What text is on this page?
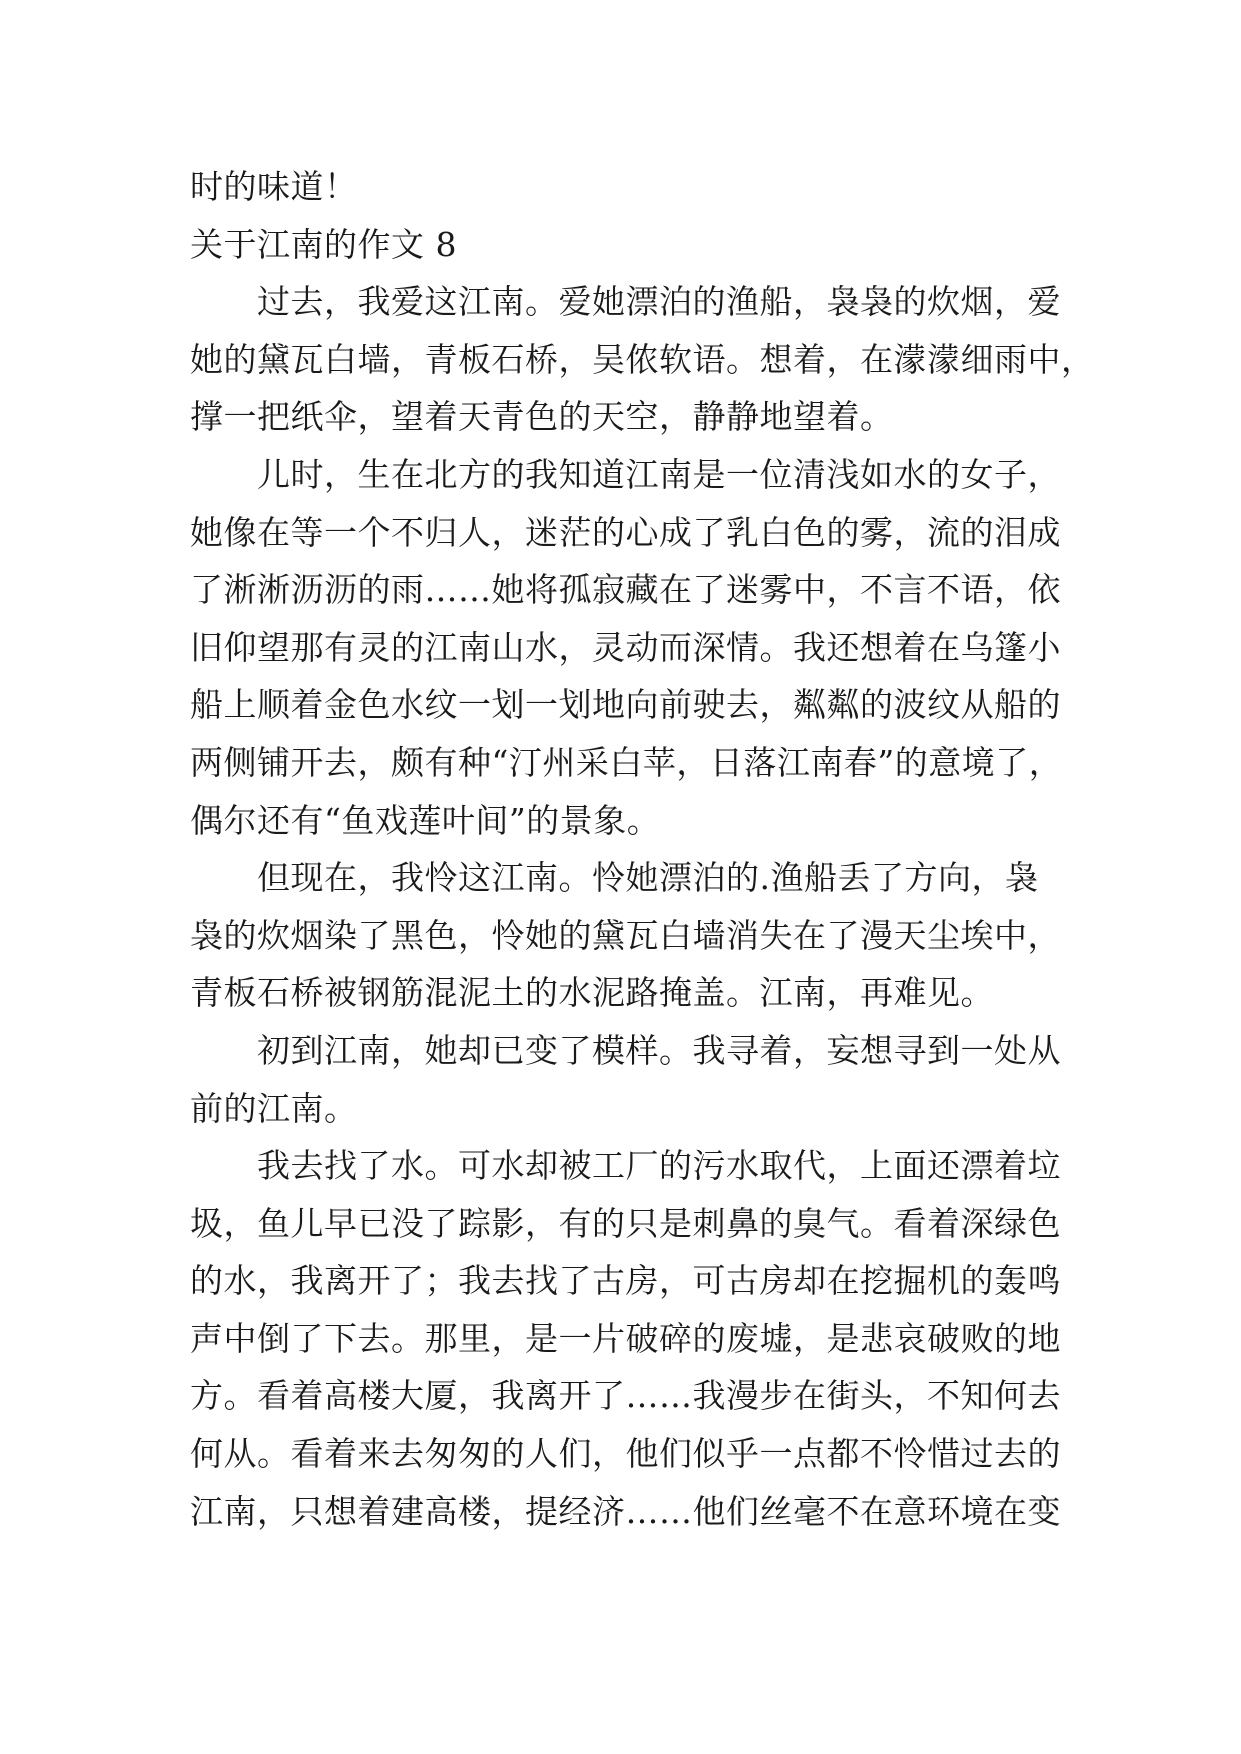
时的味道！
关于江南的作文 8
　　过去，我爱这江南。爱她漂泊的渔船，袅袅的炊烟，爱
她的黛瓦白墙，青板石桥，吴侬软语。想着，在濛濛细雨中，
撑一把纸伞，望着天青色的天空，静静地望着。
　　儿时，生在北方的我知道江南是一位清浅如水的女子，
她像在等一个不归人，迷茫的心成了乳白色的雾，流的泪成
了淅淅沥沥的雨……她将孤寂藏在了迷雾中，不言不语，依
旧仰望那有灵的江南山水，灵动而深情。我还想着在乌篷小
船上顺着金色水纹一划一划地向前驶去，粼粼的波纹从船的
两侧铺开去，颇有种“汀州采白苹，日落江南春”的意境了，
偶尔还有“鱼戏莲叶间”的景象。
　　但现在，我怜这江南。怜她漂泊的.渔船丢了方向，袅
袅的炊烟染了黑色，怜她的黛瓦白墙消失在了漫天尘埃中，
青板石桥被钢筋混泥土的水泥路掩盖。江南，再难见。
　　初到江南，她却已变了模样。我寻着，妄想寻到一处从
前的江南。
　　我去找了水。可水却被工厂的污水取代，上面还漂着垃
圾，鱼儿早已没了踪影，有的只是刺鼻的臭气。看着深绿色
的水，我离开了；我去找了古房，可古房却在挖掘机的轰鸣
声中倒了下去。那里，是一片破碎的废墟，是悲哀破败的地
方。看着高楼大厦，我离开了……我漫步在街头，不知何去
何从。看着来去匆匆的人们，他们似乎一点都不怜惜过去的
江南，只想着建高楼，提经济……他们丝毫不在意环境在变
